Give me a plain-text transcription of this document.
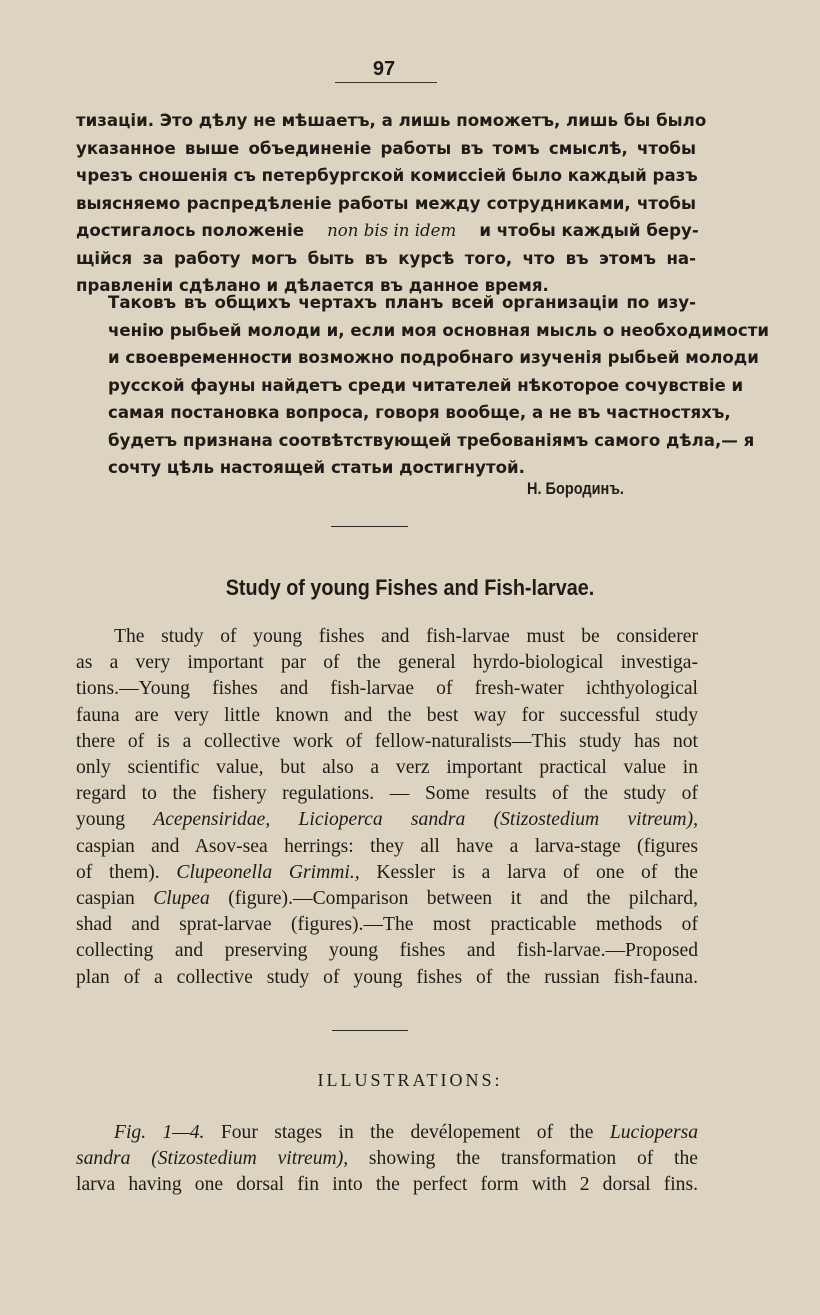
97
тизаціи. Это дѣлу не мѣшаетъ, а лишь поможетъ, лишь бы было
указанное выше объединеніе работы въ томъ смыслѣ, чтобы
чрезъ сношенія съ петербургской комиссіей было каждый разъ
выясняемо распредѣленіе работы между сотрудниками, чтобы
достигалось положеніе non bis in idem и чтобы каждый беру-
щійся за работу могъ быть въ курсѣ того, что въ этомъ на-
правленіи сдѣлано и дѣлается въ данное время.
Таковъ въ общихъ чертахъ планъ всей организаціи по изу-
ченію рыбьей молоди и, если моя основная мысль о необходимости
и своевременности возможно подробнаго изученія рыбьей молоди
русской фауны найдетъ среди читателей нѣкоторое сочувствіе и
самая постановка вопроса, говоря вообще, а не въ частностяхъ,
будетъ признана соотвѣтствующей требованіямъ самого дѣла,— я
сочту цѣль настоящей статьи достигнутой.
Н. Бородинъ.
Study of young Fishes and Fish-larvae.
The study of young fishes and fish-larvae must be considerer
as a very important par of the general hyrdo-biological investiga-
tions.—Young fishes and fish-larvae of fresh-water ichthyological
fauna are very little known and the best way for successful study
there of is a collective work of fellow-naturalists—This study has not
only scientific value, but also a verz important practical value in
regard to the fishery regulations. — Some results of the study of
young Acepensiridae, Licioperca sandra (Stizostedium vitreum),
caspian and Asov-sea herrings: they all have a larva-stage (figures
of them). Clupeonella Grimmi., Kessler is a larva of one of the
caspian Clupea (figure).—Comparison between it and the pilchard,
shad and sprat-larvae (figures).—The most practicable methods of
collecting and preserving young fishes and fish-larvae.—Proposed
plan of a collective study of young fishes of the russian fish-fauna.
ILLUSTRATIONS:
Fig. 1—4. Four stages in the devélopement of the Luciopersa
sandra (Stizostedium vitreum), showing the transformation of the
larva having one dorsal fin into the perfect form with 2 dorsal fins.
